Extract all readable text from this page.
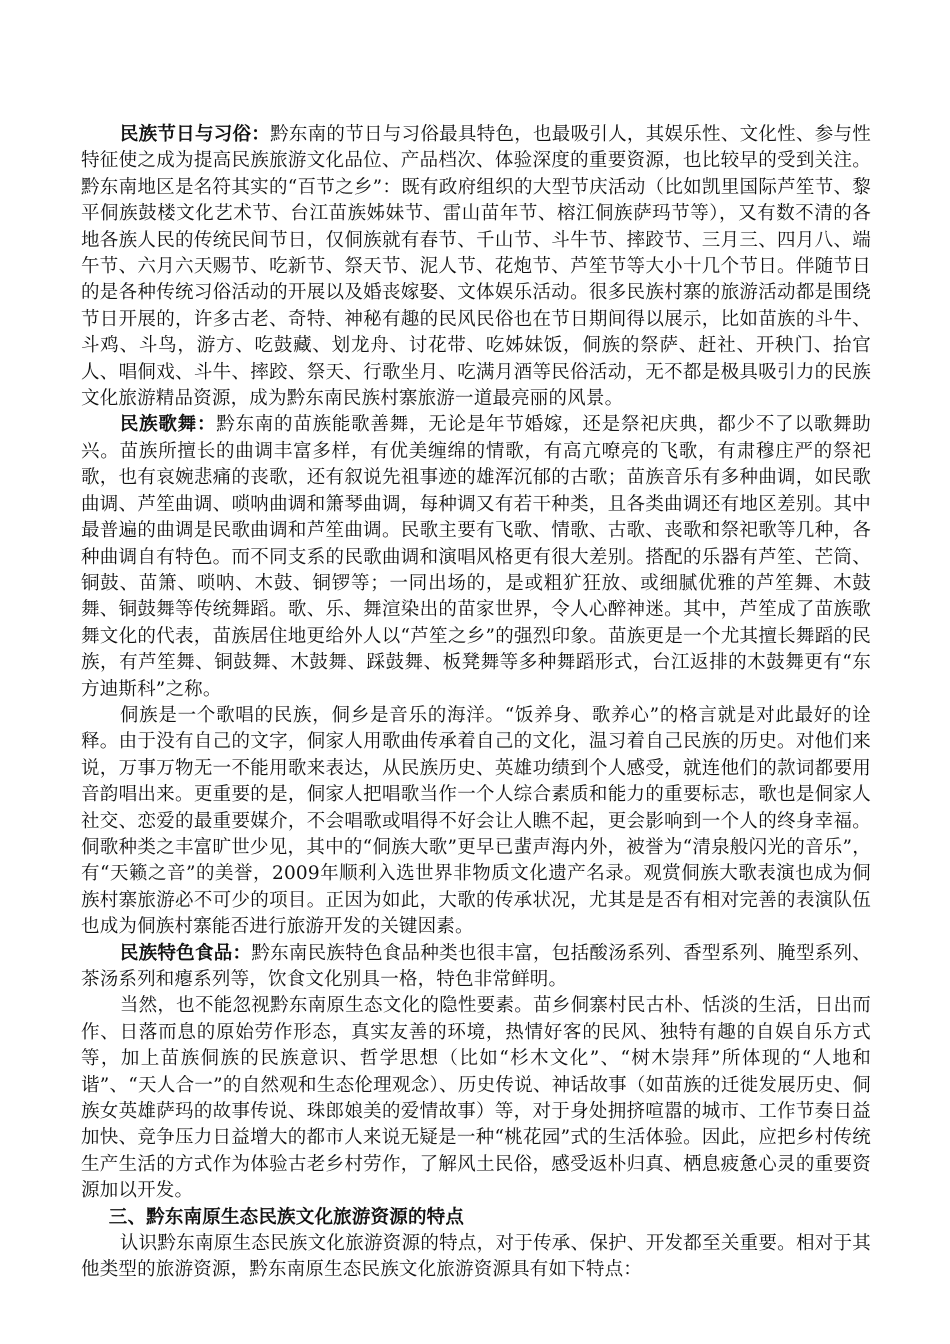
民族节日与习俗：黔东南的节日与习俗最具特色，也最吸引人，其娱乐性、文化性、参与性特征使之成为提高民族旅游文化品位、产品档次、体验深度的重要资源，也比较早的受到关注。黔东南地区是名符其实的“百节之乡”：既有政府组织的大型节庆活动（比如凯里国际芦笙节、黎平侗族鼓楼文化艺术节、台江苗族姊妹节、雷山苗年节、榕江侗族萨玛节等），又有数不清的各地各族人民的传统民间节日，仅侗族就有春节、千山节、斗牛节、摔跤节、三月三、四月八、端午节、六月六天赐节、吃新节、祭天节、泥人节、花炮节、芦笙节等大小十几个节日。伴随节日的是各种传统习俗活动的开展以及婚丧嫁娶、文体娱乐活动。很多民族村寨的旅游活动都是围绕节日开展的，许多古老、奇特、神秘有趣的民风民俗也在节日期间得以展示，比如苗族的斗牛、斗鸡、斗鸟，游方、吃鼓藏、划龙舟、讨花带、吃姊妹饭，侗族的祭萨、赶社、开秧门、抬官人、唱侗戏、斗牛、摔跤、祭天、行歌坐月、吃满月酒等民俗活动，无不都是极具吸引力的民族文化旅游精品资源，成为黔东南民族村寨旅游一道最亮丽的风景。

民族歌舞：黔东南的苗族能歌善舞，无论是年节婚嫁，还是祭祀庆典，都少不了以歌舞助兴。苗族所擅长的曲调丰富多样，有优美缠绵的情歌，有高亢嘹亮的飞歌，有肃穆庄严的祭祀歌，也有哀婉悲痛的丧歌，还有叙说先祖事迹的雄浑沉郁的古歌；苗族音乐有多种曲调，如民歌曲调、芦笙曲调、唢呐曲调和箫琴曲调，每种调又有若干种类，且各类曲调还有地区差别。其中最普遍的曲调是民歌曲调和芦笙曲调。民歌主要有飞歌、情歌、古歌、丧歌和祭祀歌等几种，各种曲调自有特色。而不同支系的民歌曲调和演唱风格更有很大差别。搭配的乐器有芦笙、芒筒、铜鼓、苗箫、唢呐、木鼓、铜锣等；一同出场的，是或粗犷狂放、或细腻优雅的芦笙舞、木鼓舞、铜鼓舞等传统舞蹈。歌、乐、舞渲染出的苗家世界，令人心醉神迷。其中，芦笙成了苗族歌舞文化的代表，苗族居住地更给外人以“芦笙之乡”的强烈印象。苗族更是一个尤其擅长舞蹈的民族，有芦笙舞、铜鼓舞、木鼓舞、踩鼓舞、板凳舞等多种舞蹈形式，台江返排的木鼓舞更有“东方迪斯科”之称。

侗族是一个歌唱的民族，侗乡是音乐的海洋。“饭养身、歌养心”的格言就是对此最好的诠释。由于没有自己的文字，侗家人用歌曲传承着自己的文化，温习着自己民族的历史。对他们来说，万事万物无一不能用歌来表达，从民族历史、英雄功绩到个人感受，就连他们的款词都要用音韵唱出来。更重要的是，侗家人把唱歌当作一个人综合素质和能力的重要标志，歌也是侗家人社交、恋爱的最重要媒介，不会唱歌或唱得不好会让人瞧不起，更会影响到一个人的终身幸福。侗歌种类之丰富旷世少见，其中的“侗族大歌”更早已蜚声海内外，被誉为“清泉般闪光的音乐”，有“天籁之音”的美誉，2009年顺利入选世界非物质文化遗产名录。观赏侗族大歌表演也成为侗族村寨旅游必不可少的项目。正因为如此，大歌的传承状况，尤其是是否有相对完善的表演队伍也成为侗族村寨能否进行旅游开发的关键因素。

民族特色食品：黔东南民族特色食品种类也很丰富，包括酸汤系列、香型系列、腌型系列、茶汤系列和瘪系列等，饮食文化别具一格，特色非常鲜明。

当然，也不能忽视黔东南原生态文化的隐性要素。苗乡侗寨村民古朴、恬淡的生活，日出而作、日落而息的原始劳作形态，真实友善的环境，热情好客的民风、独特有趣的自娱自乐方式等，加上苗族侗族的民族意识、哲学思想（比如“杉木文化”、“树木崇拜”所体现的“人地和谐”、“天人合一”的自然观和生态伦理观念）、历史传说、神话故事（如苗族的迁徙发展历史、侗族女英雄萨玛的故事传说、珠郎娘美的爱情故事）等，对于身处拥挤喧嚣的城市、工作节奏日益加快、竞争压力日益增大的都市人来说无疑是一种“桃花园”式的生活体验。因此，应把乡村传统生产生活的方式作为体验古老乡村劳作，了解风土民俗，感受返朴归真、栖息疲惫心灵的重要资源加以开发。

三、黔东南原生态民族文化旅游资源的特点

认识黔东南原生态民族文化旅游资源的特点，对于传承、保护、开发都至关重要。相对于其他类型的旅游资源，黔东南原生态民族文化旅游资源具有如下特点：
